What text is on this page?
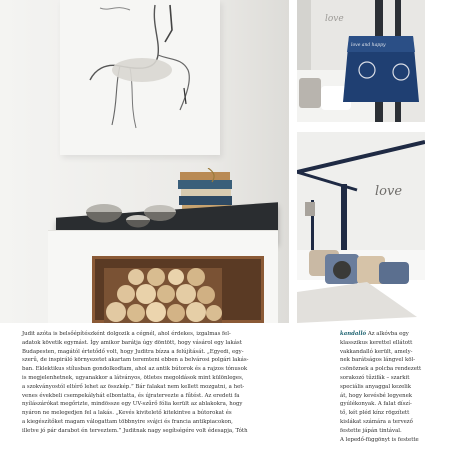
love and happy
love
love

Judit azóta is belsőépítészként dolgozik a cégnél, ahol érdekes, izgalmas fel-

adatok követik egymást. Így amikor barátja úgy döntött, hogy vásárol egy lakást

Budapesten, magától értetődő volt, hogy Juditra bízza a felújítását. „Egyedi, egy-

szerű, de inspiráló környezetet akartam teremteni ebben a belvárosi polgári lakás-

ban. Eklektikus stílusban gondolkodtam, ahol az antik bútorok és a rajzos tónusok

is megjelenhetnek, ugyanakkor a látványos, ötletes megoldások mint különleges,

a szokványostól eltérő lehet az összkép.” Bár falakat nem kellett mozgatni, a het-

venes évekbeli csempekályhát elbontatta, és újratervezte a fűtést. Az eredeti fa

nyílászárókat megőrizte, mindössze egy UV-szűrő fólia került az ablakokra, hogy

nyáron ne melegedjen fel a lakás. „Kevés kivitelető kitekintve a bútorokat és

a kiegészítőket magam válogattam többnyire svájci és francia antikpiacokon,

illetve jó pár darabot én terveztem.” Juditnak nagy segítségére volt édesapja, Tóth

kandalló Az alkóvba egy

klasszikus kerettel ellátott

vakkandalló került, amely-

nek barátságos lángvel köl-

csönöznek a polcba rendezett

sorakozó tűzifák – szarkit

speciális anyaggal kezelik

át, hogy kevésbé legyenek

gyúlékonyak. A falat díszí-

tő, két pléd kínz rögzített

kislákat számára a tervező

festette jápán tintával.

A lepedő-függönyt is festette
